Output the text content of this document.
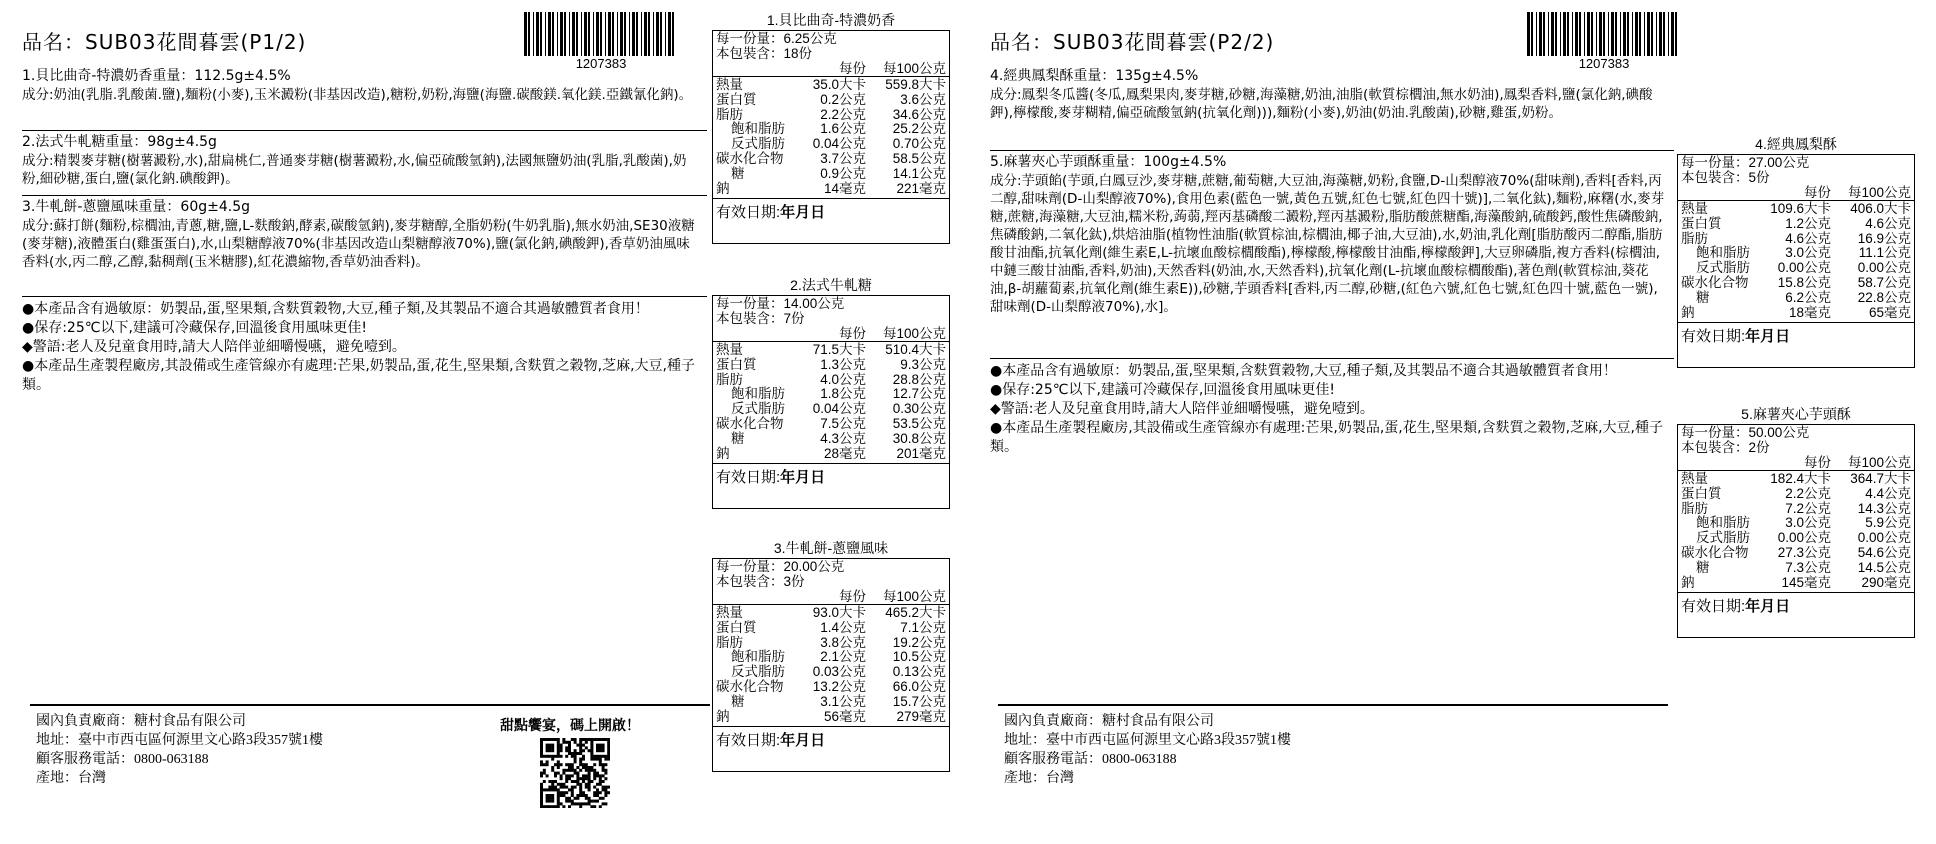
品名：SUB03花間暮雲(P1/2)
1207383

1.貝比曲奇-特濃奶香重量：112.5g±4.5%

成分:奶油(乳脂.乳酸菌.鹽),麵粉(小麥),玉米澱粉(非基因改造),糖粉,奶粉,海鹽(海鹽.碳酸鎂.氧化鎂.亞鐵氰化鈉)。

2.法式牛軋糖重量：98g±4.5g

成分:精製麥芽糖(樹薯澱粉,水),甜扁桃仁,普通麥芽糖(樹薯澱粉,水,偏亞硫酸氫鈉),法國無鹽奶油(乳脂,乳酸菌),奶粉,細砂糖,蛋白,鹽(氯化鈉.碘酸鉀)。

3.牛軋餅-蔥鹽風味重量：60g±4.5g

成分:蘇打餅(麵粉,棕櫚油,青蔥,糖,鹽,L-麩酸鈉,酵素,碳酸氫鈉),麥芽糖醇,全脂奶粉(牛奶乳脂),無水奶油,SE30液糖(麥芽糖),液體蛋白(雞蛋蛋白),水,山梨糖醇液70%(非基因改造山梨糖醇液70%),鹽(氯化鈉,碘酸鉀),香草奶油風味香料(水,丙二醇,乙醇,黏稠劑(玉米糖膠),紅花濃縮物,香草奶油香料)。

●本產品含有過敏原：奶製品,蛋,堅果類,含麩質穀物,大豆,種子類,及其製品不適合其過敏體質者食用！

●保存:25℃以下,建議可冷藏保存,回溫後食用風味更佳!

◆警語:老人及兒童食用時,請大人陪伴並細嚼慢嚥，避免噎到。

●本產品生產製程廠房,其設備或生產管線亦有處理:芒果,奶製品,蛋,花生,堅果類,含麩質之穀物,芝麻,大豆,種子類。

國內負責廠商：糖村食品有限公司

地址：臺中市西屯區何源里文心路3段357號1樓

顧客服務電話：0800-063188

產地：台灣

甜點饗宴，碼上開啟！
1.貝比曲奇-特濃奶香
每一份量：6.25公克
本包裝含：18份
每份	每100公克
熱量	35.0大卡	559.8大卡
蛋白質	0.2公克	3.6公克
脂肪	2.2公克	34.6公克
飽和脂肪	1.6公克	25.2公克
反式脂肪	0.04公克	0.70公克
碳水化合物	3.7公克	58.5公克
糖	0.9公克	14.1公克
鈉	14毫克	221毫克
有效日期:年月日
2.法式牛軋糖
每一份量：14.00公克
本包裝含：7份
每份	每100公克
熱量	71.5大卡	510.4大卡
蛋白質	1.3公克	9.3公克
脂肪	4.0公克	28.8公克
飽和脂肪	1.8公克	12.7公克
反式脂肪	0.04公克	0.30公克
碳水化合物	7.5公克	53.5公克
糖	4.3公克	30.8公克
鈉	28毫克	201毫克
有效日期:年月日
3.牛軋餅-蔥鹽風味
每一份量：20.00公克
本包裝含：3份
每份	每100公克
熱量	93.0大卡	465.2大卡
蛋白質	1.4公克	7.1公克
脂肪	3.8公克	19.2公克
飽和脂肪	2.1公克	10.5公克
反式脂肪	0.03公克	0.13公克
碳水化合物	13.2公克	66.0公克
糖	3.1公克	15.7公克
鈉	56毫克	279毫克
有效日期:年月日
4.經典鳳梨酥
每一份量：27.00公克
本包裝含：5份
每份	每100公克
熱量	109.6大卡	406.0大卡
蛋白質	1.2公克	4.6公克
脂肪	4.6公克	16.9公克
飽和脂肪	3.0公克	11.1公克
反式脂肪	0.00公克	0.00公克
碳水化合物	15.8公克	58.7公克
糖	6.2公克	22.8公克
鈉	18毫克	65毫克
有效日期:年月日
5.麻薯夾心芋頭酥
每一份量：50.00公克
本包裝含：2份
每份	每100公克
熱量	182.4大卡	364.7大卡
蛋白質	2.2公克	4.4公克
脂肪	7.2公克	14.3公克
飽和脂肪	3.0公克	5.9公克
反式脂肪	0.00公克	0.00公克
碳水化合物	27.3公克	54.6公克
糖	7.3公克	14.5公克
鈉	145毫克	290毫克
有效日期:年月日
品名：SUB03花間暮雲(P2/2)
1207383

4.經典鳳梨酥重量：135g±4.5%

成分:鳳梨冬瓜醬(冬瓜,鳳梨果肉,麥芽糖,砂糖,海藻糖,奶油,油脂(軟質棕櫚油,無水奶油),鳳梨香料,鹽(氯化鈉,碘酸鉀),檸檬酸,麥芽糊精,偏亞硫酸氫鈉(抗氧化劑))),麵粉(小麥),奶油(奶油.乳酸菌),砂糖,雞蛋,奶粉。

5.麻薯夾心芋頭酥重量：100g±4.5%

成分:芋頭餡(芋頭,白鳳豆沙,麥芽糖,蔗糖,葡萄糖,大豆油,海藻糖,奶粉,食鹽,D-山梨醇液70%(甜味劑),香料[香料,丙二醇,甜味劑(D-山梨醇液70%),食用色素(藍色一號,黃色五號,紅色七號,紅色四十號)],二氧化鈦),麵粉,麻糬(水,麥芽糖,蔗糖,海藻糖,大豆油,糯米粉,蒟蒻,羥丙基磷酸二澱粉,羥丙基澱粉,脂肪酸蔗糖酯,海藻酸鈉,硫酸鈣,酸性焦磷酸鈉,焦磷酸鈉,二氧化鈦),烘焙油脂(植物性油脂(軟質棕油,棕櫚油,椰子油,大豆油),水,奶油,乳化劑[脂肪酸丙二醇酯,脂肪酸甘油酯,抗氧化劑(維生素E,L-抗壞血酸棕櫚酸酯),檸檬酸,檸檬酸甘油酯,檸檬酸鉀],大豆卵磷脂,複方香料(棕櫚油,中鏈三酸甘油酯,香料,奶油),天然香料(奶油,水,天然香料),抗氧化劑(L-抗壞血酸棕櫚酸酯),著色劑(軟質棕油,葵花油,β-胡蘿蔔素,抗氧化劑(維生素E)),砂糖,芋頭香料[香料,丙二醇,砂糖,(紅色六號,紅色七號,紅色四十號,藍色一號),甜味劑(D-山梨醇液70%),水]。

●本產品含有過敏原：奶製品,蛋,堅果類,含麩質穀物,大豆,種子類,及其製品不適合其過敏體質者食用！

●保存:25℃以下,建議可冷藏保存,回溫後食用風味更佳!

◆警語:老人及兒童食用時,請大人陪伴並細嚼慢嚥，避免噎到。

●本產品生產製程廠房,其設備或生產管線亦有處理:芒果,奶製品,蛋,花生,堅果類,含麩質之穀物,芝麻,大豆,種子類。

國內負責廠商：糖村食品有限公司

地址：臺中市西屯區何源里文心路3段357號1樓

顧客服務電話：0800-063188

產地：台灣
